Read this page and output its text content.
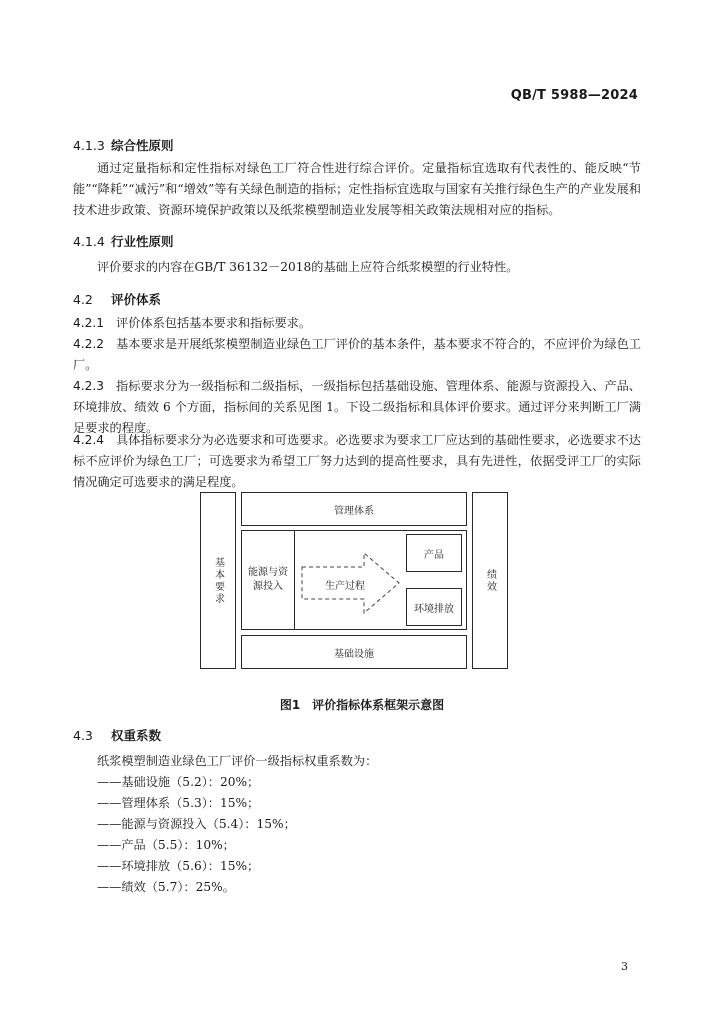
QB/T 5988—2024
4.1.3 综合性原则
通过定量指标和定性指标对绿色工厂符合性进行综合评价。定量指标宜选取有代表性的、能反映“节能”“降耗”“减污”和“增效”等有关绿色制造的指标；定性指标宜选取与国家有关推行绿色生产的产业发展和技术进步政策、资源环境保护政策以及纸浆模塑制造业发展等相关政策法规相对应的指标。
4.1.4 行业性原则
评价要求的内容在GB/T 36132－2018的基础上应符合纸浆模塑的行业特性。
4.2 评价体系
4.2.1 评价体系包括基本要求和指标要求。
4.2.2 基本要求是开展纸浆模塑制造业绿色工厂评价的基本条件，基本要求不符合的，不应评价为绿色工厂。
4.2.3 指标要求分为一级指标和二级指标，一级指标包括基础设施、管理体系、能源与资源投入、产品、环境排放、绩效 6 个方面，指标间的关系见图 1。下设二级指标和具体评价要求。通过评分来判断工厂满足要求的程度。
4.2.4 具体指标要求分为必选要求和可选要求。必选要求为要求工厂应达到的基础性要求，必选要求不达标不应评价为绿色工厂；可选要求为希望工厂努力达到的提高性要求，具有先进性，依据受评工厂的实际情况确定可选要求的满足程度。
基本要求	绩效
管理体系
基础设施
能源与资源投入	生产过程
产品
环境排放
图1 评价指标体系框架示意图
4.3 权重系数
纸浆模塑制造业绿色工厂评价一级指标权重系数为：
——基础设施（5.2）：20%；
——管理体系（5.3）：15%；
——能源与资源投入（5.4）：15%；
——产品（5.5）：10%；
——环境排放（5.6）：15%；
——绩效（5.7）：25%。
3
